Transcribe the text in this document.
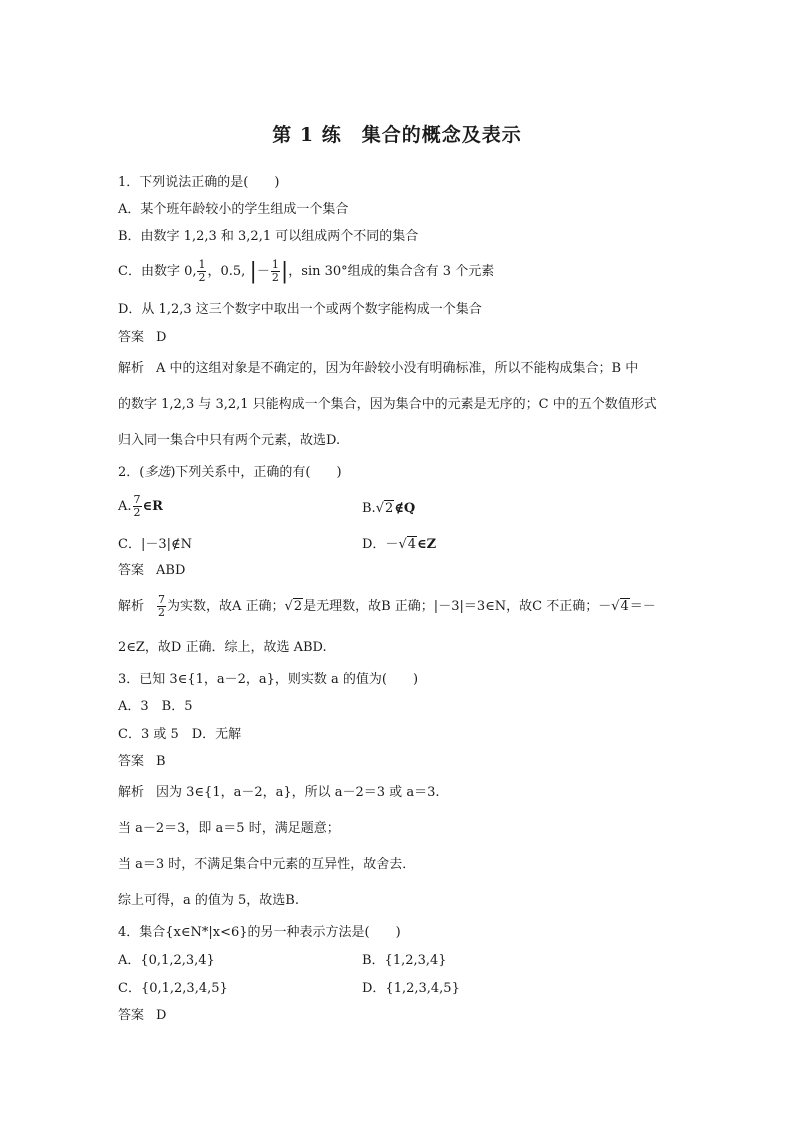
第 1 练　集合的概念及表示
1．下列说法正确的是(　　)
A．某个班年龄较小的学生组成一个集合
B．由数字 1,2,3 和 3,2,1 可以组成两个不同的集合
C．由数字 0, $\frac{1}{2}$ ，0.5, |－ $\frac{1}{2}$ |，sin 30°组成的集合含有 3 个元素
D．从 1,2,3 这三个数字中取出一个或两个数字能构成一个集合
答案 D
解析 A 中的这组对象是不确定的，因为年龄较小没有明确标准，所以不能构成集合；B 中
的数字 1,2,3 与 3,2,1 只能构成一个集合，因为集合中的元素是无序的；C 中的五个数值形式
归入同一集合中只有两个元素，故选D.
2．(多选)下列关系中，正确的有(　　)
A. $\frac{7}{2}$ ∈R	B.√2∉Q
C．|－3|∉N	D．－√4∈Z
答案 ABD
解析 $\frac{7}{2}$ 为实数，故A 正确；√2是无理数，故B 正确；|－3|＝3∈N，故C 不正确；－√4＝－
2∈Z，故D 正确．综上，故选 ABD.
3．已知 3∈{1，a－2，a}，则实数 a 的值为(　　)
A．3　B．5
C．3 或 5　D．无解
答案 B
解析 因为 3∈{1，a－2，a}，所以 a－2＝3 或 a＝3.
当 a－2＝3，即 a＝5 时，满足题意；
当 a＝3 时，不满足集合中元素的互异性，故舍去．
综上可得，a 的值为 5，故选B.
4．集合{x∈N*|x<6}的另一种表示方法是(　　)
A．{0,1,2,3,4}	B．{1,2,3,4}
C．{0,1,2,3,4,5}	D．{1,2,3,4,5}
答案 D
